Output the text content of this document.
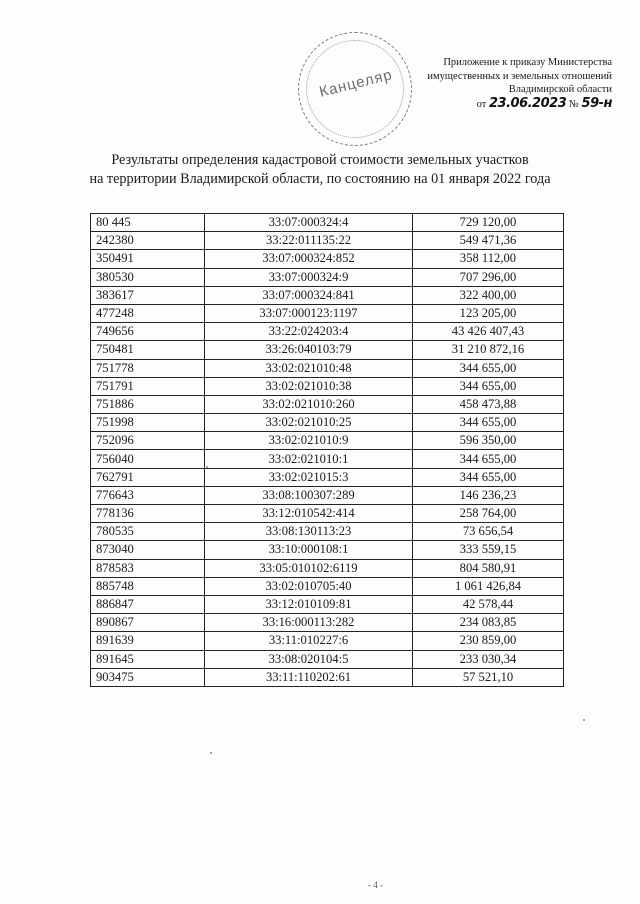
Канцеляр
Приложение к приказу Министерства
имущественных и земельных отношений
Владимирской области
от 23.06.2023 № 59-н
Результаты определения кадастровой стоимости земельных участков
на территории Владимирской области, по состоянию на 01 января 2022 года
80 445	33:07:000324:4	729 120,00
242380	33:22:011135:22	549 471,36
350491	33:07:000324:852	358 112,00
380530	33:07:000324:9	707 296,00
383617	33:07:000324:841	322 400,00
477248	33:07:000123:1197	123 205,00
749656	33:22:024203:4	43 426 407,43
750481	33:26:040103:79	31 210 872,16
751778	33:02:021010:48	344 655,00
751791	33:02:021010:38	344 655,00
751886	33:02:021010:260	458 473,88
751998	33:02:021010:25	344 655,00
752096	33:02:021010:9	596 350,00
756040	33:02:021010:1	344 655,00
762791	33:02:021015:3	344 655,00
776643	33:08:100307:289	146 236,23
778136	33:12:010542:414	258 764,00
780535	33:08:130113:23	73 656,54
873040	33:10:000108:1	333 559,15
878583	33:05:010102:6119	804 580,91
885748	33:02:010705:40	1 061 426,84
886847	33:12:010109:81	42 578,44
890867	33:16:000113:282	234 083,85
891639	33:11:010227:6	230 859,00
891645	33:08:020104:5	233 030,34
903475	33:11:110202:61	57 521,10
- 4 -
